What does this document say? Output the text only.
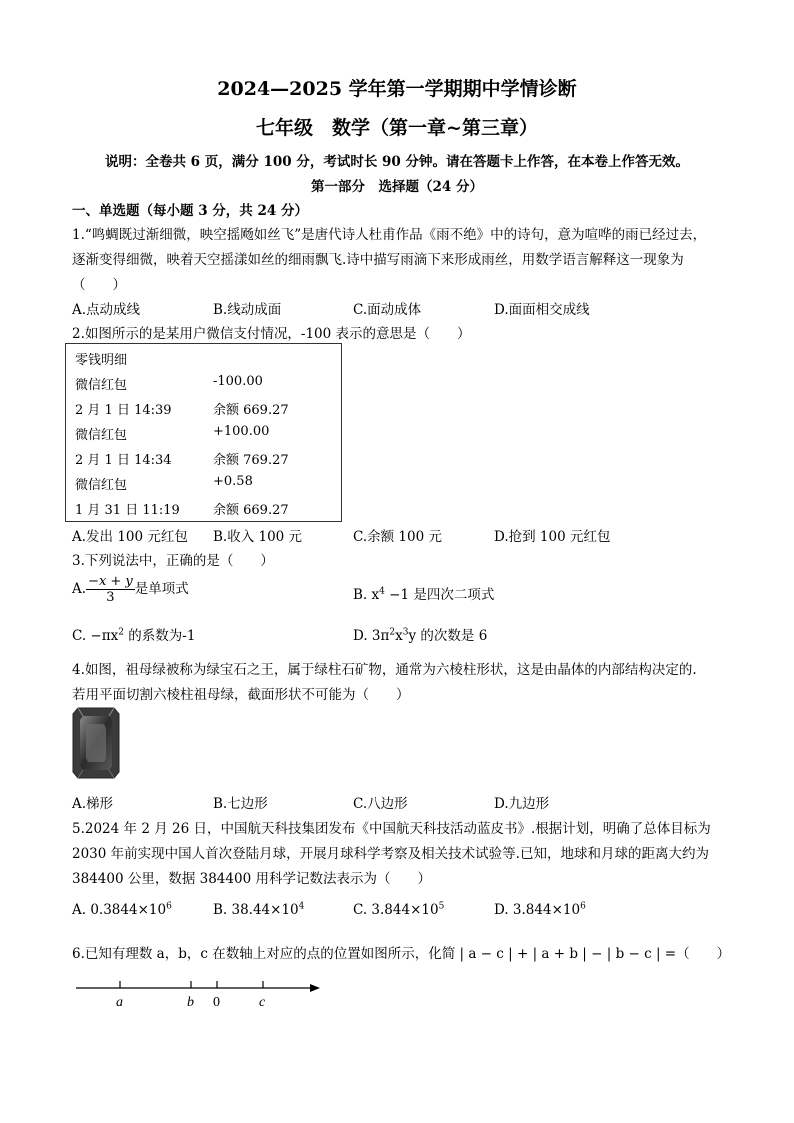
2024—2025 学年第一学期期中学情诊断
七年级　数学（第一章~第三章）
说明：全卷共 6 页，满分 100 分，考试时长 90 分钟。请在答题卡上作答，在本卷上作答无效。
第一部分　选择题（24 分）
一、单选题（每小题 3 分，共 24 分）
1.“鸣蜩既过渐细微，映空摇飏如丝飞”是唐代诗人杜甫作品《雨不绝》中的诗句，意为喧哗的雨已经过去，
逐渐变得细微，映着天空摇漾如丝的细雨飘飞.诗中描写雨滴下来形成雨丝，用数学语言解释这一现象为
（　　）
A.点动成线	B.线动成面	C.面动成体	D.面面相交成线
2.如图所示的是某用户微信支付情况，-100 表示的意思是（　　）
零钱明细
微信红包	-100.00
2 月 1 日 14:39	余额 669.27
微信红包	+100.00
2 月 1 日 14:34	余额 769.27
微信红包	+0.58
1 月 31 日 11:19	余额 669.27
A.发出 100 元红包 B.收入 100 元	C.余额 100 元	D.抢到 100 元红包
3.下列说法中，正确的是（　　）
A. $\frac{-x + y}{3}$ 是单项式	B. $x^4 -1$ 是四次二项式
C. $-\pi x^2$ 的系数为-1	D. $3\pi^2x^3y$ 的次数是 6
4.如图，祖母绿被称为绿宝石之王，属于绿柱石矿物，通常为六棱柱形状，这是由晶体的内部结构决定的.
若用平面切割六棱柱祖母绿，截面形状不可能为（　　）
A.梯形	B.七边形	C.八边形	D.九边形
5.2024 年 2 月 26 日，中国航天科技集团发布《中国航天科技活动蓝皮书》.根据计划，明确了总体目标为
2030 年前实现中国人首次登陆月球，开展月球科学考察及相关技术试验等.已知，地球和月球的距离大约为
384400 公里，数据 384400 用科学记数法表示为（　　）
A. $0.3844\times 10^6$	B. $38.44\times 10^4$	C. $3.844\times 10^5$	D. $3.844\times 10^6$
6.已知有理数 a，b，c 在数轴上对应的点的位置如图所示，化简 | a − c | + | a + b | − | b − c | =（　　）
a	b 0	c
